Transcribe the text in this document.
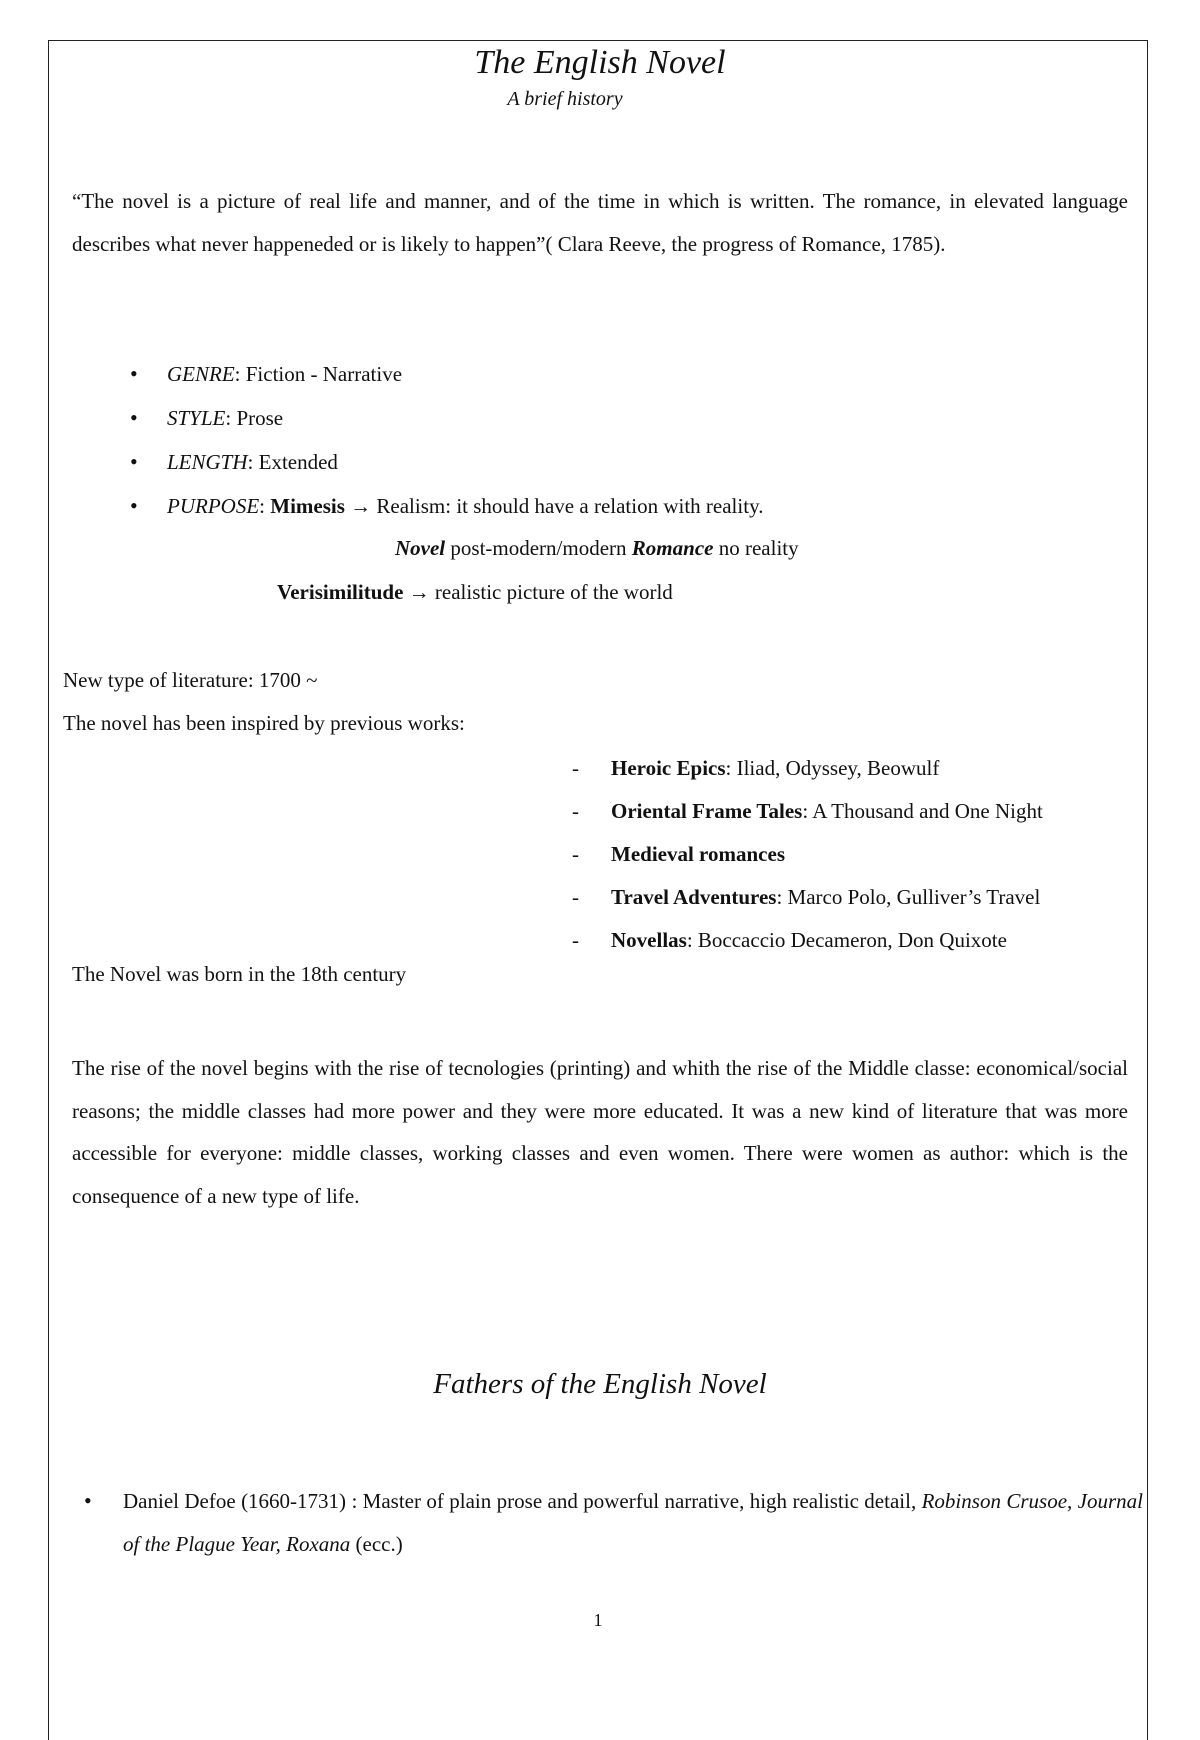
The English Novel
A brief history
“The novel is a picture of real life and manner, and of the time in which is written. The romance, in elevated language describes what never happeneded or is likely to happen”( Clara Reeve, the progress of Romance, 1785).
• GENRE: Fiction - Narrative
• STYLE: Prose
• LENGTH: Extended
• PURPOSE: Mimesis → Realism: it should have a relation with reality.
Novel post-modern/modern Romance no reality
Verisimilitude → realistic picture of the world
New type of literature: 1700 ~
The novel has been inspired by previous works:
- Heroic Epics: Iliad, Odyssey, Beowulf
- Oriental Frame Tales: A Thousand and One Night
- Medieval romances
- Travel Adventures: Marco Polo, Gulliver’s Travel
- Novellas: Boccaccio Decameron, Don Quixote
The Novel was born in the 18th century
The rise of the novel begins with the rise of tecnologies (printing) and whith the rise of the Middle classe: economical/social reasons; the middle classes had more power and they were more educated. It was a new kind of literature that was more accessible for everyone: middle classes, working classes and even women. There were women as author: which is the consequence of a new type of life.
Fathers of the English Novel
• Daniel Defoe (1660-1731) : Master of plain prose and powerful narrative, high realistic detail, Robinson Crusoe, Journal of the Plague Year, Roxana (ecc.)
1
